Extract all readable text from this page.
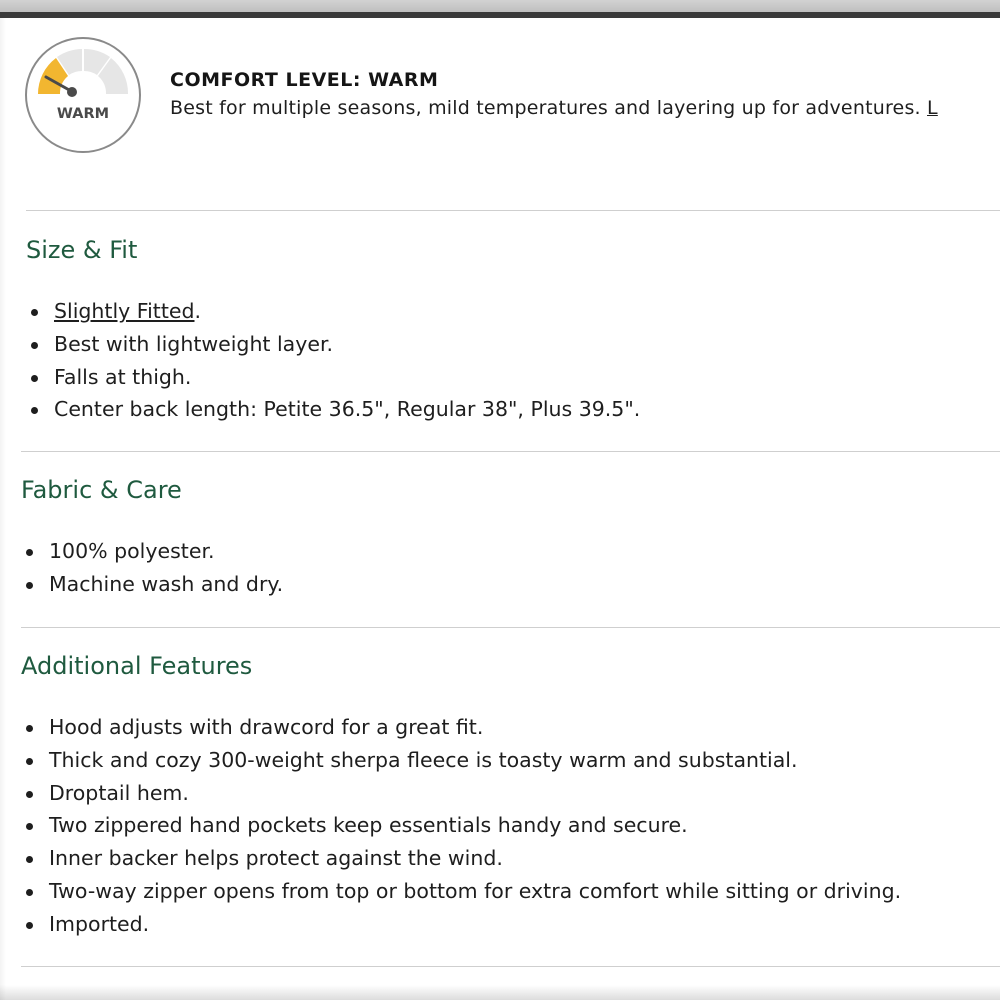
WARM
COMFORT LEVEL: WARM
Best for multiple seasons, mild temperatures and layering up for adventures. L
Size & Fit
Slightly Fitted.
Best with lightweight layer.
Falls at thigh.
Center back length: Petite 36.5", Regular 38", Plus 39.5".
Fabric & Care
100% polyester.
Machine wash and dry.
Additional Features
Hood adjusts with drawcord for a great fit.
Thick and cozy 300-weight sherpa fleece is toasty warm and substantial.
Droptail hem.
Two zippered hand pockets keep essentials handy and secure.
Inner backer helps protect against the wind.
Two-way zipper opens from top or bottom for extra comfort while sitting or driving.
Imported.
